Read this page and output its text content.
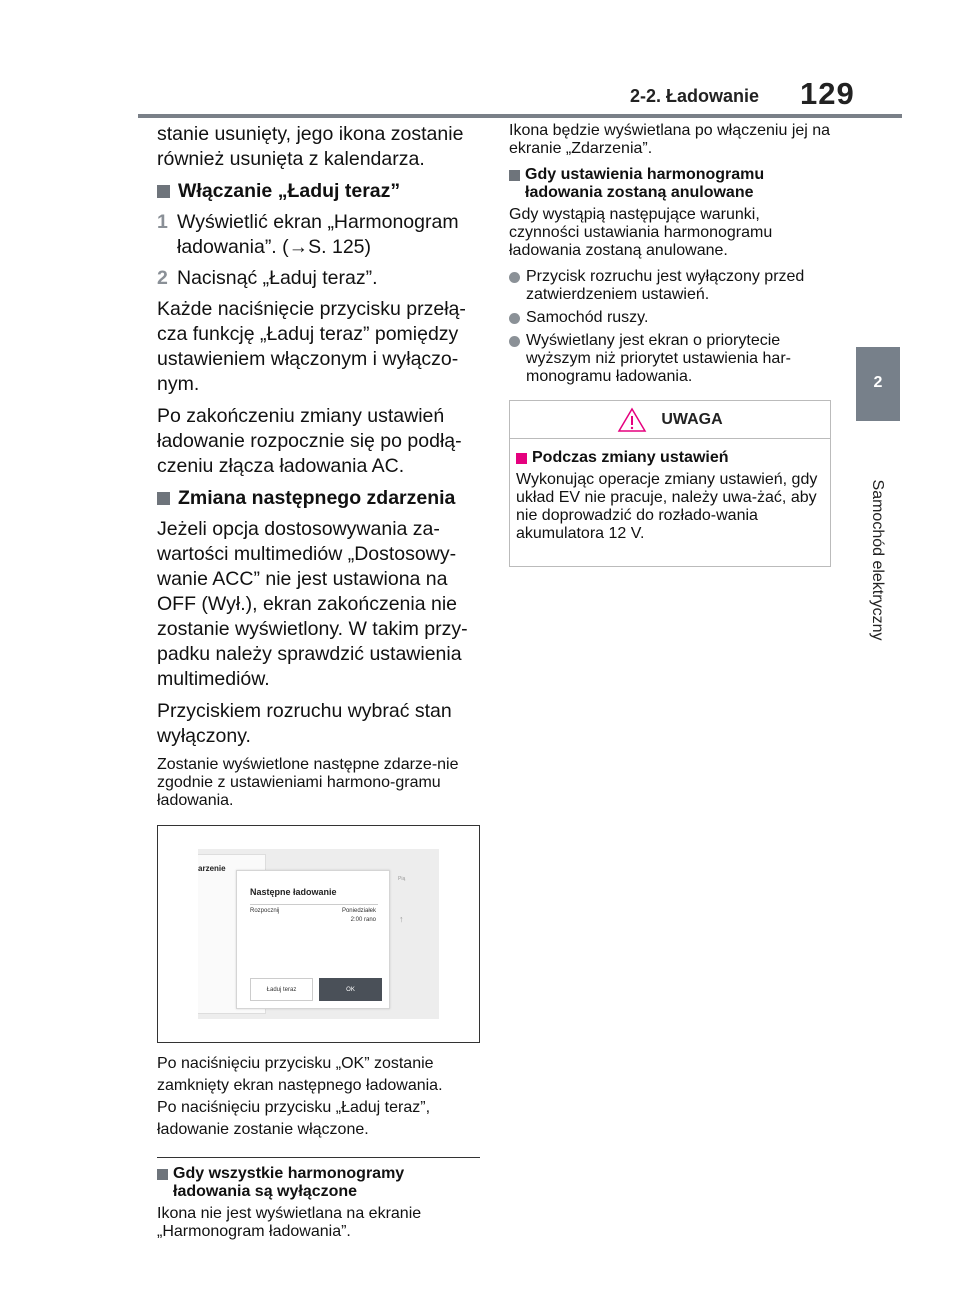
2-2. Ładowanie 129
2
Samochód elektryczny

stanie usunięty, jego ikona zostanie również usunięta z kalendarza.

Włączanie „Ładuj teraz”
1 Wyświetlić ekran „Harmonogram ładowania”. (→S. 125)
2 Nacisnąć „Ładuj teraz”.

Każde naciśnięcie przycisku przełą-cza funkcję „Ładuj teraz” pomiędzy ustawieniem włączonym i wyłączo-nym.

Po zakończeniu zmiany ustawień ładowanie rozpocznie się po podłą-czeniu złącza ładowania AC.

Zmiana następnego zdarzenia

Jeżeli opcja dostosowywania za-wartości multimediów „Dostosowy-wanie ACC” nie jest ustawiona na OFF (Wył.), ekran zakończenia nie zostanie wyświetlony. W takim przy-padku należy sprawdzić ustawienia multimediów.

Przyciskiem rozruchu wybrać stan wyłączony.

Zostanie wyświetlone następne zdarze-nie zgodnie z ustawieniami harmono-gramu ładowania.

arzenie
Pią
↑
Następne ładowanie
Rozpocznij	Poniedziałek
2:00 rano
Ładuj teraz	OK

Po naciśnięciu przycisku „OK” zostanie zamknięty ekran następnego ładowania.

Po naciśnięciu przycisku „Ładuj teraz”, ładowanie zostanie włączone.

Gdy wszystkie harmonogramy ładowania są wyłączone

Ikona nie jest wyświetlana na ekranie „Harmonogram ładowania”.

Ikona będzie wyświetlana po włączeniu jej na ekranie „Zdarzenia”.

Gdy ustawienia harmonogramu ładowania zostaną anulowane

Gdy wystąpią następujące warunki, czynności ustawiania harmonogramu ładowania zostaną anulowane.

Przycisk rozruchu jest wyłączony przed zatwierdzeniem ustawień.
Samochód ruszy.
Wyświetlany jest ekran o priorytecie wyższym niż priorytet ustawienia har-monogramu ładowania.
UWAGA
Podczas zmiany ustawień

Wykonując operacje zmiany ustawień, gdy układ EV nie pracuje, należy uwa-żać, aby nie doprowadzić do rozłado-wania akumulatora 12 V.
